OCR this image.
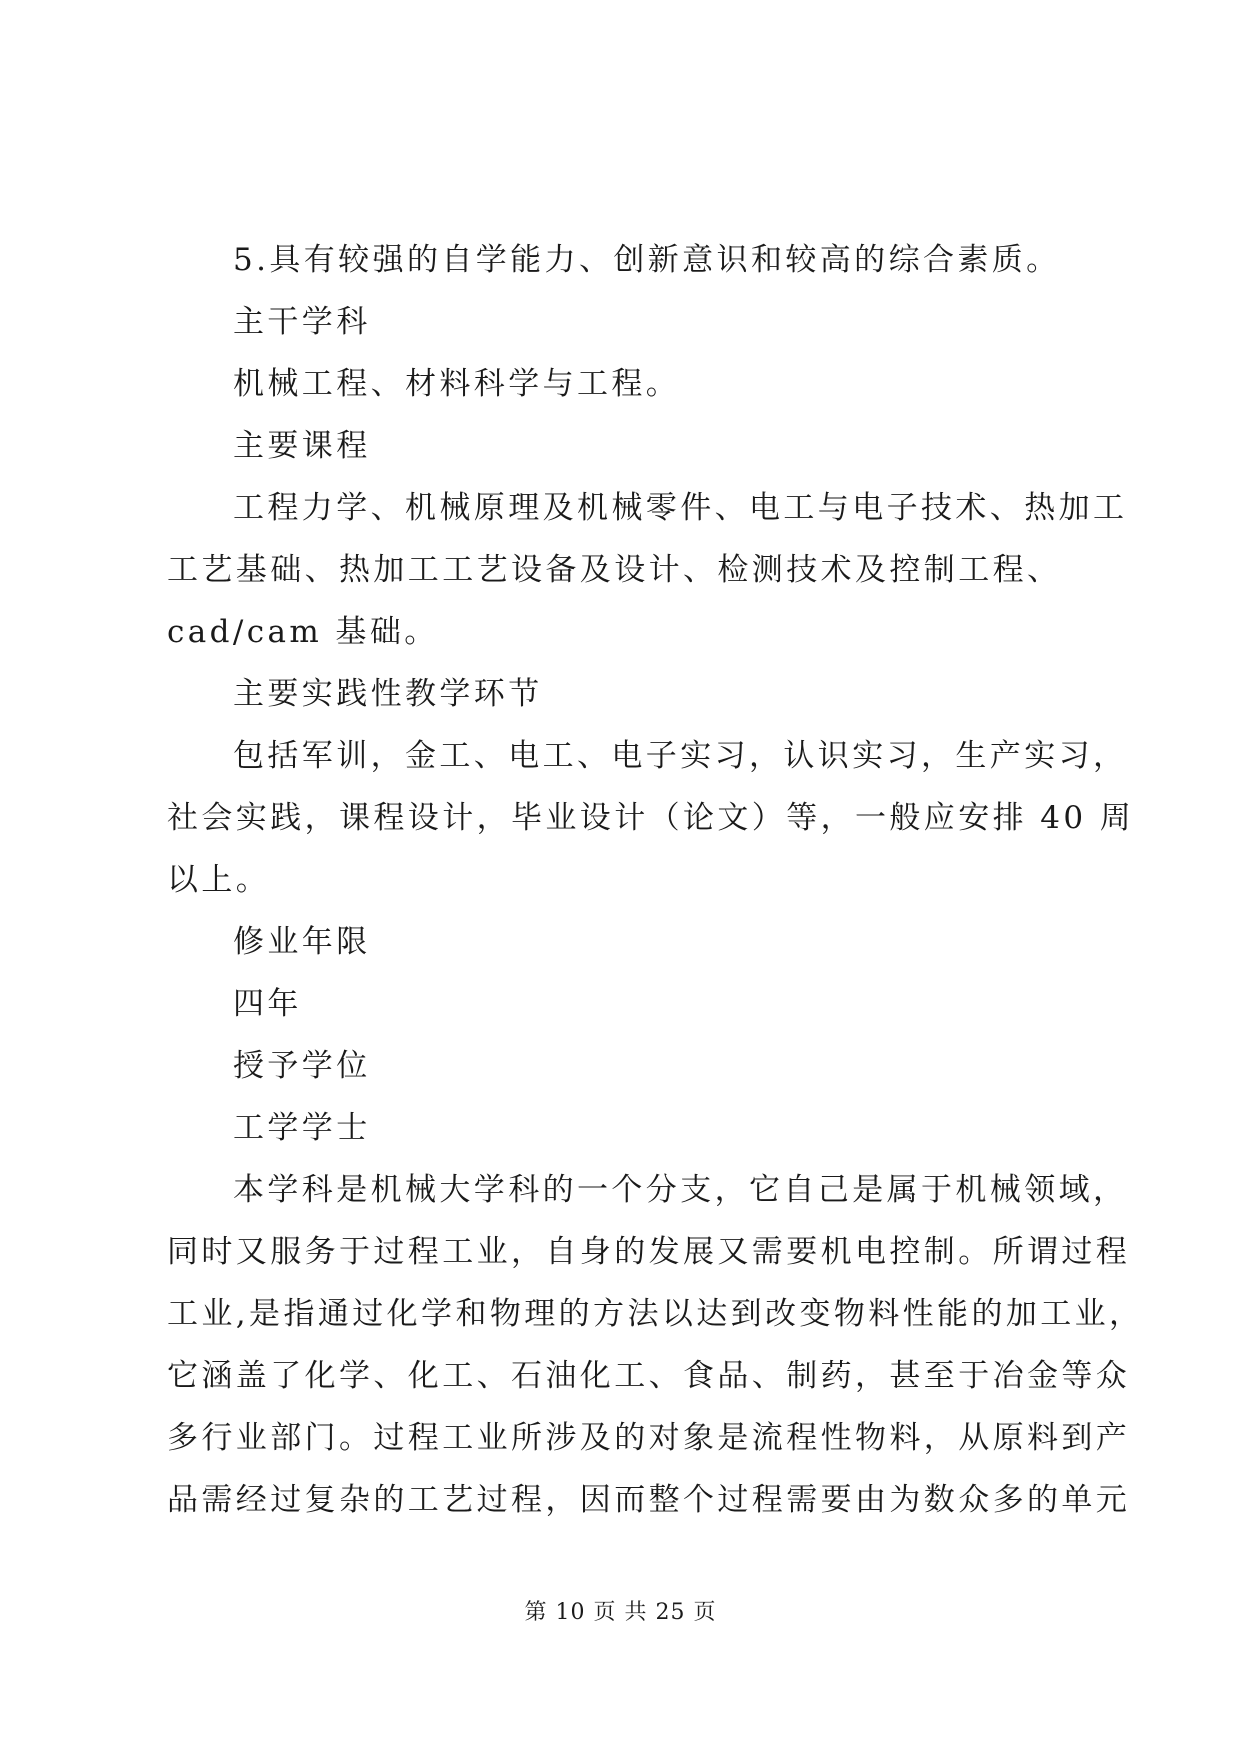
5.具有较强的自学能力、创新意识和较高的综合素质。
主干学科
机械工程、材料科学与工程。
主要课程
工程力学、机械原理及机械零件、电工与电子技术、热加工
工艺基础、热加工工艺设备及设计、检测技术及控制工程、
cad/cam 基础。
主要实践性教学环节
包括军训，金工、电工、电子实习，认识实习，生产实习，
社会实践，课程设计，毕业设计（论文）等，一般应安排 40 周
以上。
修业年限
四年
授予学位
工学学士
本学科是机械大学科的一个分支，它自己是属于机械领域，
同时又服务于过程工业，自身的发展又需要机电控制。所谓过程
工业,是指通过化学和物理的方法以达到改变物料性能的加工业，
它涵盖了化学、化工、石油化工、食品、制药，甚至于冶金等众
多行业部门。过程工业所涉及的对象是流程性物料，从原料到产
品需经过复杂的工艺过程，因而整个过程需要由为数众多的单元
第 10 页 共 25 页
